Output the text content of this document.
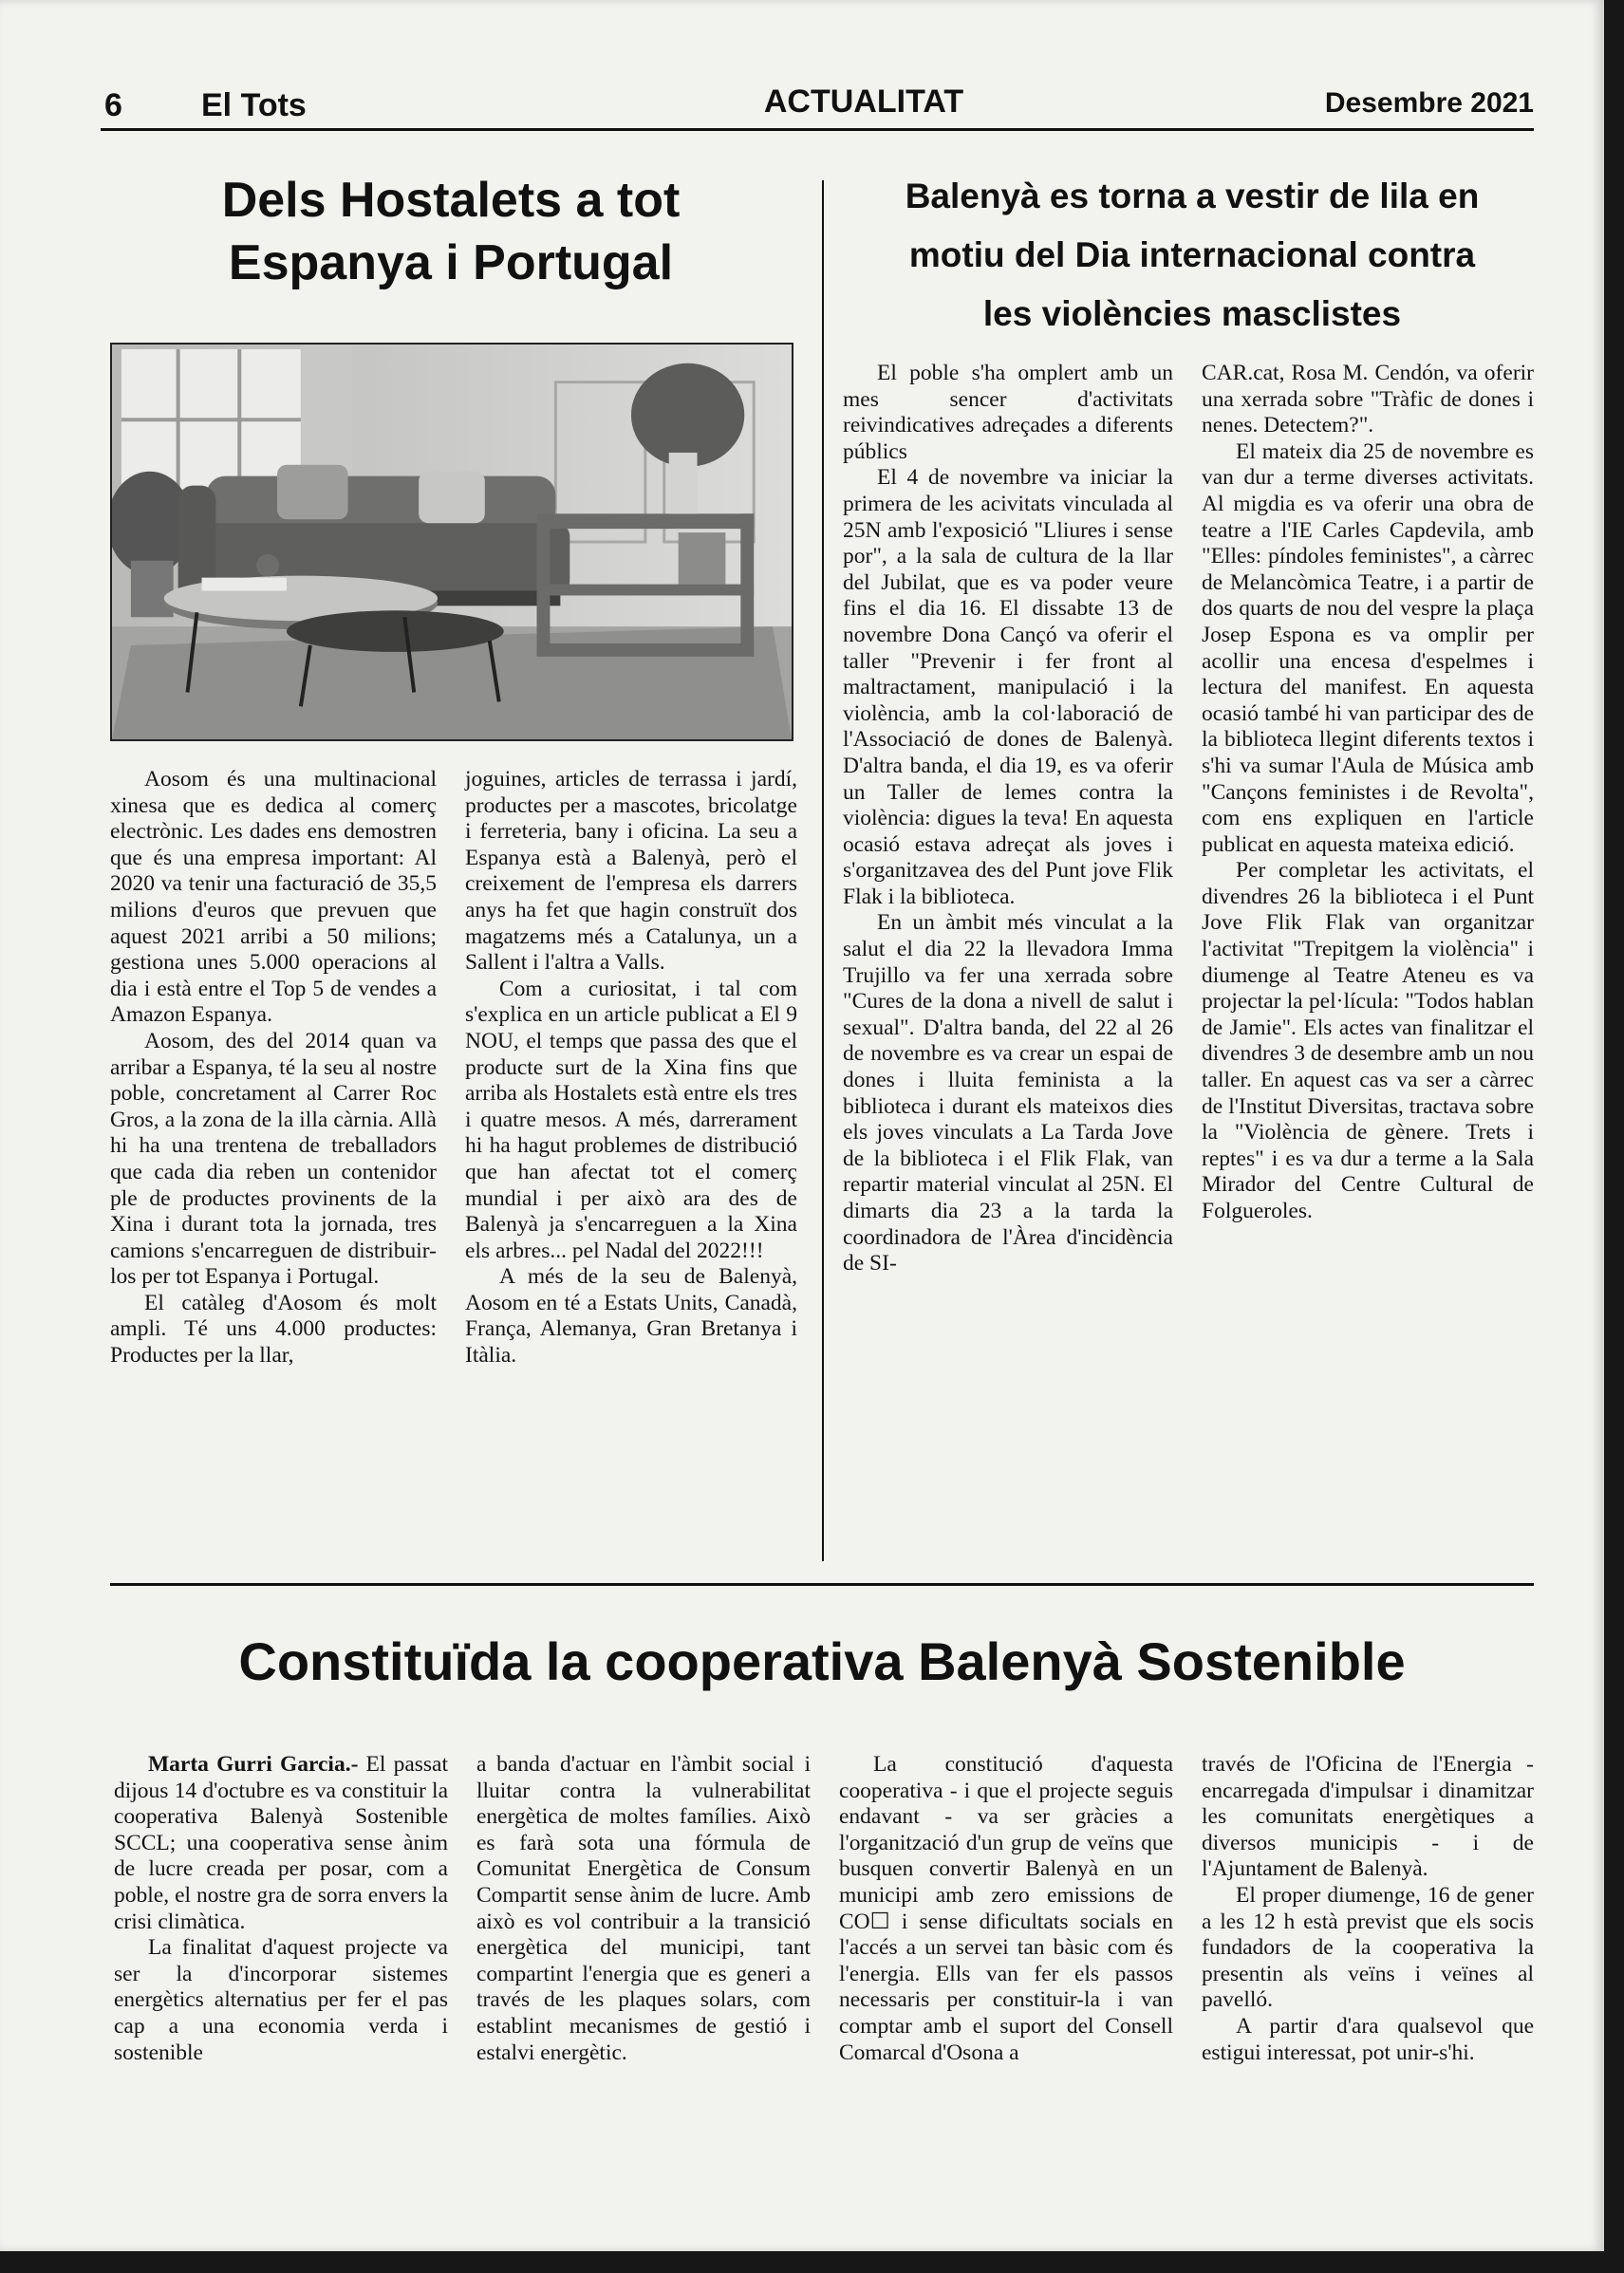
6 El Tots	ACTUALITAT	Desembre 2021
Dels Hostalets a tot
Espanya i Portugal

Aosom és una multinacional xinesa que es dedica al comerç electrònic. Les dades ens demostren que és una empresa important: Al 2020 va tenir una facturació de 35,5 milions d'euros que prevuen que aquest 2021 arribi a 50 milions; gestiona unes 5.000 operacions al dia i està entre el Top 5 de vendes a Amazon Espanya.

Aosom, des del 2014 quan va arribar a Espanya, té la seu al nostre poble, concretament al Carrer Roc Gros, a la zona de la illa càrnia. Allà hi ha una trentena de treballadors que cada dia reben un contenidor ple de productes provinents de la Xina i durant tota la jornada, tres camions s'encarreguen de distribuir-los per tot Espanya i Portugal.

El catàleg d'Aosom és molt ampli. Té uns 4.000 productes: Productes per la llar,

joguines, articles de terrassa i jardí, productes per a mascotes, bricolatge i ferreteria, bany i oficina. La seu a Espanya està a Balenyà, però el creixement de l'empresa els darrers anys ha fet que hagin construït dos magatzems més a Catalunya, un a Sallent i l'altra a Valls.

Com a curiositat, i tal com s'explica en un article publicat a El 9 NOU, el temps que passa des que el producte surt de la Xina fins que arriba als Hostalets està entre els tres i quatre mesos. A més, darrerament hi ha hagut problemes de distribució que han afectat tot el comerç mundial i per això ara des de Balenyà ja s'encarreguen a la Xina els arbres... pel Nadal del 2022!!!

A més de la seu de Balenyà, Aosom en té a Estats Units, Canadà, França, Alemanya, Gran Bretanya i Itàlia.

Balenyà es torna a vestir de lila en
motiu del Dia internacional contra
les violències masclistes

El poble s'ha omplert amb un mes sencer d'activitats reivindicatives adreçades a diferents públics

El 4 de novembre va iniciar la primera de les acivitats vinculada al 25N amb l'exposició "Lliures i sense por", a la sala de cultura de la llar del Jubilat, que es va poder veure fins el dia 16. El dissabte 13 de novembre Dona Cançó va oferir el taller "Prevenir i fer front al maltractament, manipulació i la violència, amb la col·laboració de l'Associació de dones de Balenyà. D'altra banda, el dia 19, es va oferir un Taller de lemes contra la violència: digues la teva! En aquesta ocasió estava adreçat als joves i s'organitzavea des del Punt jove Flik Flak i la biblioteca.

En un àmbit més vinculat a la salut el dia 22 la llevadora Imma Trujillo va fer una xerrada sobre "Cures de la dona a nivell de salut i sexual". D'altra banda, del 22 al 26 de novembre es va crear un espai de dones i lluita feminista a la biblioteca i durant els mateixos dies els joves vinculats a La Tarda Jove de la biblioteca i el Flik Flak, van repartir material vinculat al 25N. El dimarts dia 23 a la tarda la coordinadora de l'Àrea d'incidència de SI-

CAR.cat, Rosa M. Cendón, va oferir una xerrada sobre "Tràfic de dones i nenes. Detectem?".

El mateix dia 25 de novembre es van dur a terme diverses activitats. Al migdia es va oferir una obra de teatre a l'IE Carles Capdevila, amb "Elles: píndoles feministes", a càrrec de Melancòmica Teatre, i a partir de dos quarts de nou del vespre la plaça Josep Espona es va omplir per acollir una encesa d'espelmes i lectura del manifest. En aquesta ocasió també hi van participar des de la biblioteca llegint diferents textos i s'hi va sumar l'Aula de Música amb "Cançons feministes i de Revolta", com ens expliquen en l'article publicat en aquesta mateixa edició.

Per completar les activitats, el divendres 26 la biblioteca i el Punt Jove Flik Flak van organitzar l'activitat "Trepitgem la violència" i diumenge al Teatre Ateneu es va projectar la pel·lícula: "Todos hablan de Jamie". Els actes van finalitzar el divendres 3 de desembre amb un nou taller. En aquest cas va ser a càrrec de l'Institut Diversitas, tractava sobre la "Violència de gènere. Trets i reptes" i es va dur a terme a la Sala Mirador del Centre Cultural de Folgueroles.

Constituïda la cooperativa Balenyà Sostenible

Marta Gurri Garcia.- El passat dijous 14 d'octubre es va constituir la cooperativa Balenyà Sostenible SCCL; una cooperativa sense ànim de lucre creada per posar, com a poble, el nostre gra de sorra envers la crisi climàtica.

La finalitat d'aquest projecte va ser la d'incorporar sistemes energètics alternatius per fer el pas cap a una economia verda i sostenible

a banda d'actuar en l'àmbit social i lluitar contra la vulnerabilitat energètica de moltes famílies. Això es farà sota una fórmula de Comunitat Energètica de Consum Compartit sense ànim de lucre. Amb això es vol contribuir a la transició energètica del municipi, tant compartint l'energia que es generi a través de les plaques solars, com establint mecanismes de gestió i estalvi energètic.

La constitució d'aquesta cooperativa - i que el projecte seguis endavant - va ser gràcies a l'organització d'un grup de veïns que busquen convertir Balenyà en un municipi amb zero emissions de CO☐ i sense dificultats socials en l'accés a un servei tan bàsic com és l'energia. Ells van fer els passos necessaris per constituir-la i van comptar amb el suport del Consell Comarcal d'Osona a

través de l'Oficina de l'Energia - encarregada d'impulsar i dinamitzar les comunitats energètiques a diversos municipis - i de l'Ajuntament de Balenyà.

El proper diumenge, 16 de gener a les 12 h està previst que els socis fundadors de la cooperativa la presentin als veïns i veïnes al pavelló.

A partir d'ara qualsevol que estigui interessat, pot unir-s'hi.
